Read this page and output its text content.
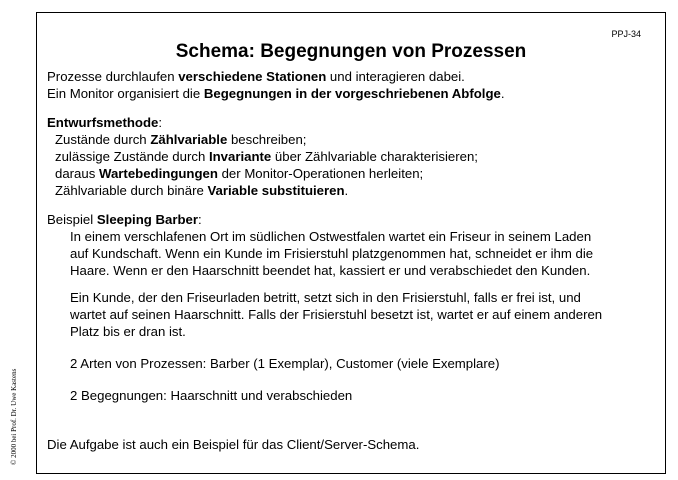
PPJ-34
Schema: Begegnungen von Prozessen

Prozesse durchlaufen verschiedene Stationen und interagieren dabei.

Ein Monitor organisiert die Begegnungen in der vorgeschriebenen Abfolge.

Entwurfsmethode:

Zustände durch Zählvariable beschreiben;

zulässige Zustände durch Invariante über Zählvariable charakterisieren;

daraus Wartebedingungen der Monitor-Operationen herleiten;

Zählvariable durch binäre Variable substituieren.

Beispiel Sleeping Barber:

In einem verschlafenen Ort im südlichen Ostwestfalen wartet ein Friseur in seinem Laden

auf Kundschaft. Wenn ein Kunde im Frisierstuhl platzgenommen hat, schneidet er ihm die

Haare. Wenn er den Haarschnitt beendet hat, kassiert er und verabschiedet den Kunden.

Ein Kunde, der den Friseurladen betritt, setzt sich in den Frisierstuhl, falls er frei ist, und

wartet auf seinen Haarschnitt. Falls der Frisierstuhl besetzt ist, wartet er auf einem anderen

Platz bis er dran ist.

2 Arten von Prozessen: Barber (1 Exemplar), Customer (viele Exemplare)

2 Begegnungen: Haarschnitt und verabschieden

Die Aufgabe ist auch ein Beispiel für das Client/Server-Schema.
© 2000 bei Prof. Dr. Uwe Kastens
